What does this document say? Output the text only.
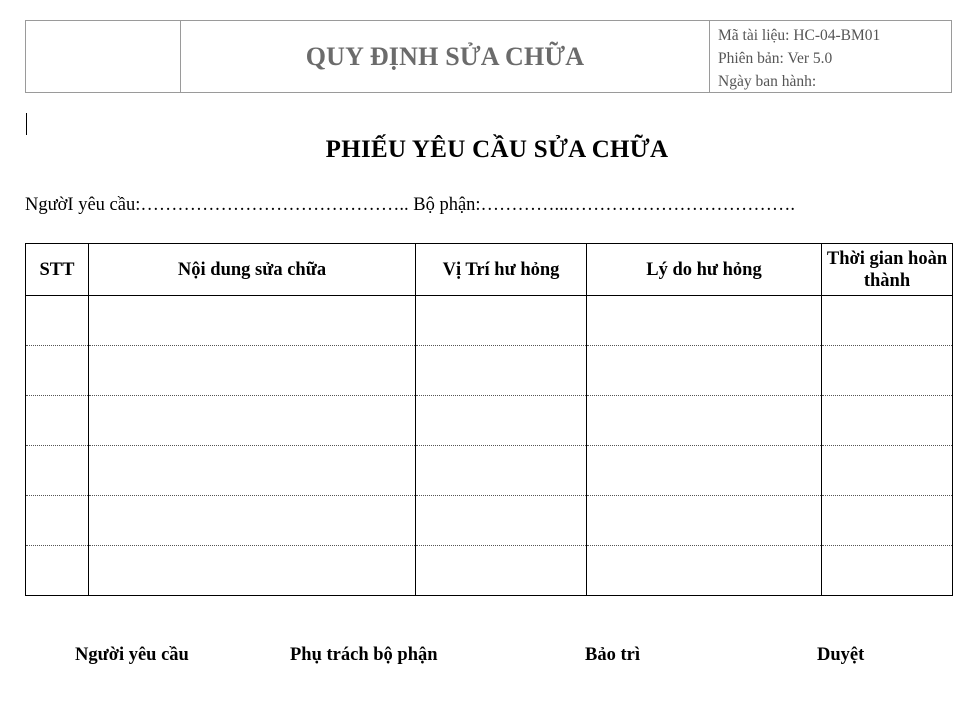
QUY ĐỊNH SỬA CHỮA
Mã tài liệu: HC-04-BM01
Phiên bản: Ver 5.0
Ngày ban hành:
PHIẾU YÊU CẦU SỬA CHỮA
NgườI yêu cầu:…………………………………….. Bộ phận:…………...……………………………….
STT	Nội dung sửa chữa	Vị Trí hư hỏng	Lý do hư hỏng	Thời gian hoàn thành

Người yêu cầu	Phụ trách bộ phận	Bảo trì	Duyệt
